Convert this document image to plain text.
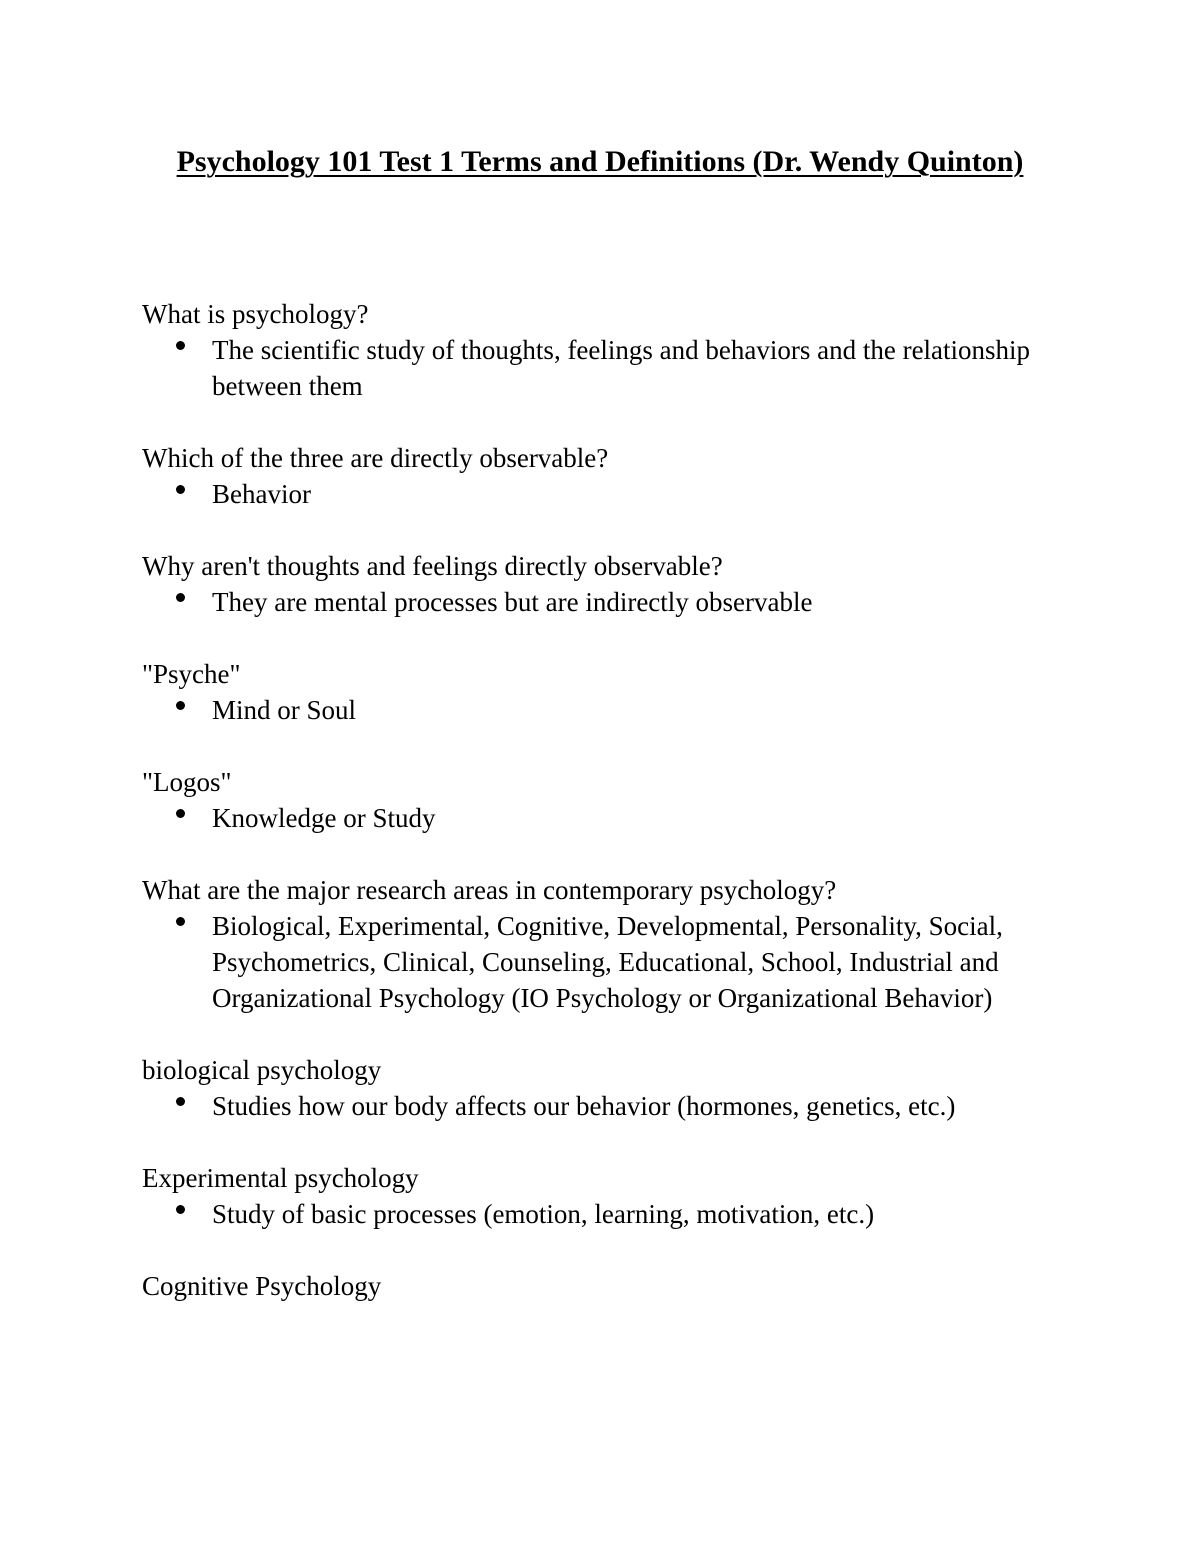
Psychology 101 Test 1 Terms and Definitions (Dr. Wendy Quinton)

What is psychology?

The scientific study of thoughts, feelings and behaviors and the relationship between them

Which of the three are directly observable?

Behavior

Why aren't thoughts and feelings directly observable?

They are mental processes but are indirectly observable

"Psyche"

Mind or Soul

"Logos"

Knowledge or Study

What are the major research areas in contemporary psychology?

Biological, Experimental, Cognitive, Developmental, Personality, Social, Psychometrics, Clinical, Counseling, Educational, School, Industrial and Organizational Psychology (IO Psychology or Organizational Behavior)

biological psychology

Studies how our body affects our behavior (hormones, genetics, etc.)

Experimental psychology

Study of basic processes (emotion, learning, motivation, etc.)

Cognitive Psychology
